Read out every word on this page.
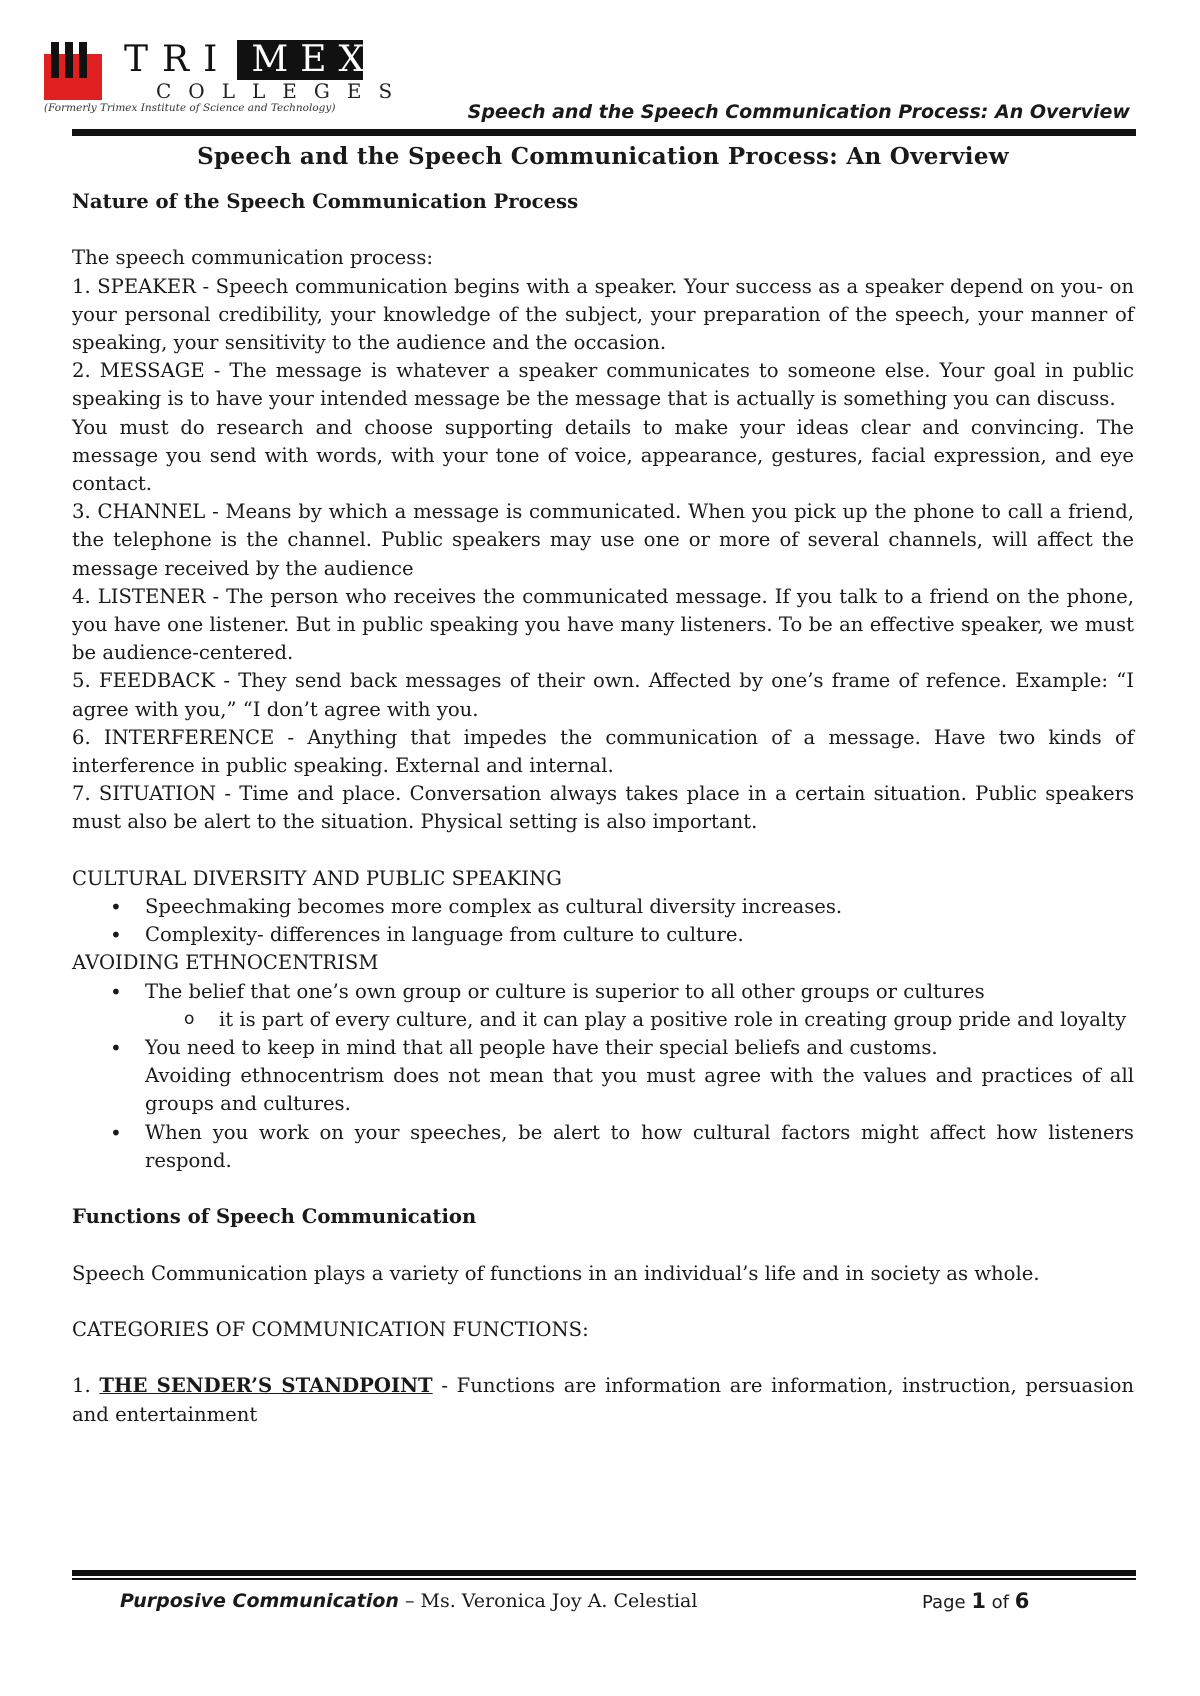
TRI MEX
COLLEGES
(Formerly Trimex Institute of Science and Technology)	Speech and the Speech Communication Process: An Overview
Speech and the Speech Communication Process: An Overview

Nature of the Speech Communication Process

The speech communication process:

1. SPEAKER - Speech communication begins with a speaker. Your success as a speaker depend on you- on your personal credibility, your knowledge of the subject, your preparation of the speech, your manner of speaking, your sensitivity to the audience and the occasion.

2. MESSAGE - The message is whatever a speaker communicates to someone else. Your goal in public speaking is to have your intended message be the message that is actually is something you can discuss.

You must do research and choose supporting details to make your ideas clear and convincing. The message you send with words, with your tone of voice, appearance, gestures, facial expression, and eye contact.

3. CHANNEL - Means by which a message is communicated. When you pick up the phone to call a friend, the telephone is the channel. Public speakers may use one or more of several channels, will affect the message received by the audience

4. LISTENER - The person who receives the communicated message. If you talk to a friend on the phone, you have one listener. But in public speaking you have many listeners. To be an effective speaker, we must be audience-centered.

5. FEEDBACK - They send back messages of their own. Affected by one’s frame of refence. Example: “I agree with you,” “I don’t agree with you.

6. INTERFERENCE - Anything that impedes the communication of a message. Have two kinds of interference in public speaking. External and internal.

7. SITUATION - Time and place. Conversation always takes place in a certain situation. Public speakers must also be alert to the situation. Physical setting is also important.

CULTURAL DIVERSITY AND PUBLIC SPEAKING

• Speechmaking becomes more complex as cultural diversity increases.
• Complexity- differences in language from culture to culture.

AVOIDING ETHNOCENTRISM

• The belief that one’s own group or culture is superior to all other groups or cultures
o it is part of every culture, and it can play a positive role in creating group pride and loyalty
• You need to keep in mind that all people have their special beliefs and customs.

Avoiding ethnocentrism does not mean that you must agree with the values and practices of all groups and cultures.

• When you work on your speeches, be alert to how cultural factors might affect how listeners respond.

Functions of Speech Communication

Speech Communication plays a variety of functions in an individual’s life and in society as whole.

CATEGORIES OF COMMUNICATION FUNCTIONS:

1. THE SENDER’S STANDPOINT - Functions are information are information, instruction, persuasion and entertainment

Purposive Communication – Ms. Veronica Joy A. Celestial	Page 1 of 6
